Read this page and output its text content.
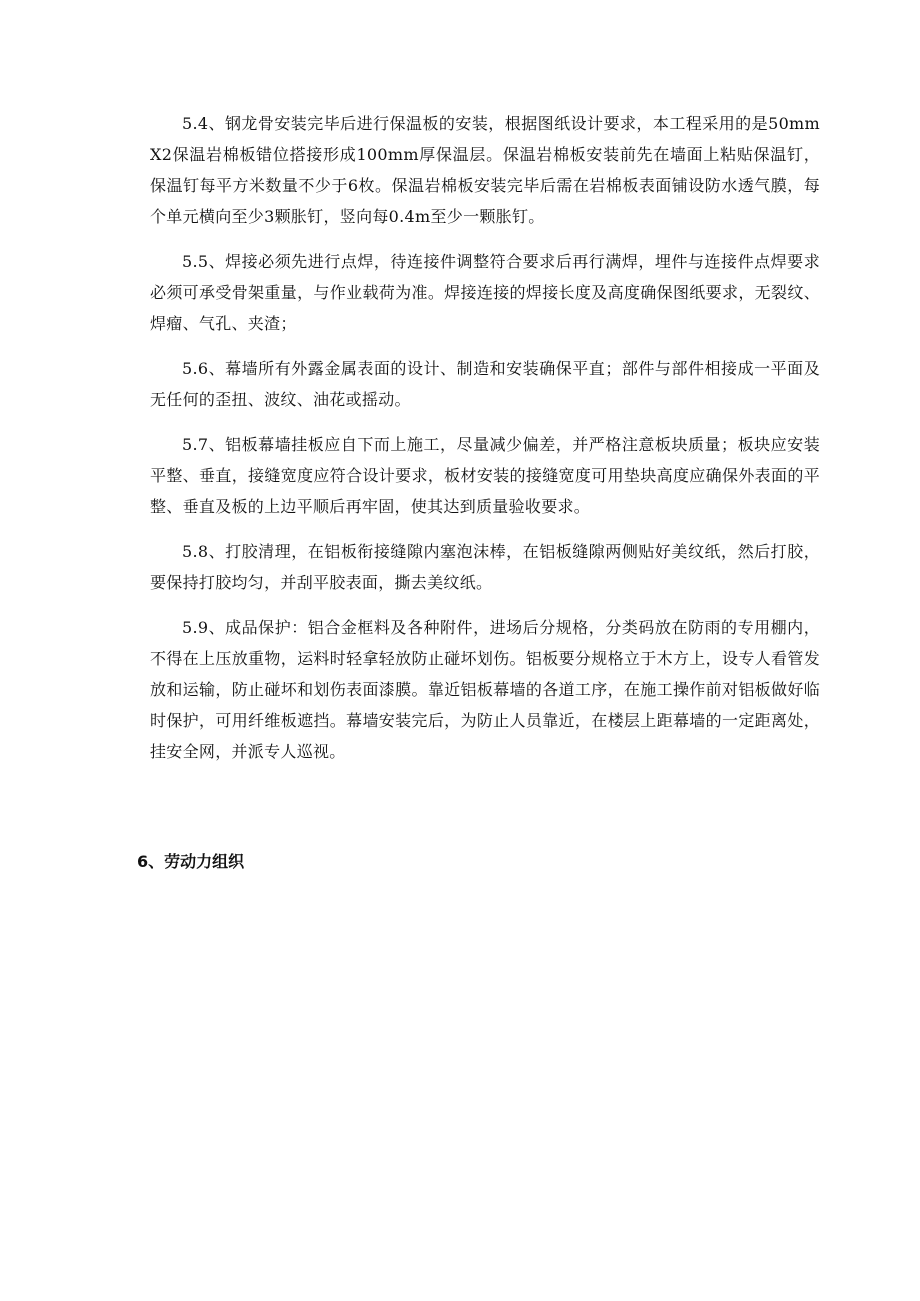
5.4、钢龙骨安装完毕后进行保温板的安装，根据图纸设计要求，本工程采用的是50mmX2保温岩棉板错位搭接形成100mm厚保温层。保温岩棉板安装前先在墙面上粘贴保温钉，保温钉每平方米数量不少于6枚。保温岩棉板安装完毕后需在岩棉板表面铺设防水透气膜，每个单元横向至少3颗胀钉，竖向每0.4m至少一颗胀钉。

5.5、焊接必须先进行点焊，待连接件调整符合要求后再行满焊，埋件与连接件点焊要求必须可承受骨架重量，与作业载荷为准。焊接连接的焊接长度及高度确保图纸要求，无裂纹、焊瘤、气孔、夹渣；

5.6、幕墙所有外露金属表面的设计、制造和安装确保平直；部件与部件相接成一平面及无任何的歪扭、波纹、油花或摇动。

5.7、铝板幕墙挂板应自下而上施工，尽量减少偏差，并严格注意板块质量；板块应安装平整、垂直，接缝宽度应符合设计要求，板材安装的接缝宽度可用垫块高度应确保外表面的平整、垂直及板的上边平顺后再牢固，使其达到质量验收要求。

5.8、打胶清理，在铝板衔接缝隙内塞泡沫棒，在铝板缝隙两侧贴好美纹纸，然后打胶，要保持打胶均匀，并刮平胶表面，撕去美纹纸。

5.9、成品保护：铝合金框料及各种附件，进场后分规格，分类码放在防雨的专用棚内，不得在上压放重物，运料时轻拿轻放防止碰坏划伤。铝板要分规格立于木方上，设专人看管发放和运输，防止碰坏和划伤表面漆膜。靠近铝板幕墙的各道工序，在施工操作前对铝板做好临时保护，可用纤维板遮挡。幕墙安装完后，为防止人员靠近，在楼层上距幕墙的一定距离处，挂安全网，并派专人巡视。

6、劳动力组织
